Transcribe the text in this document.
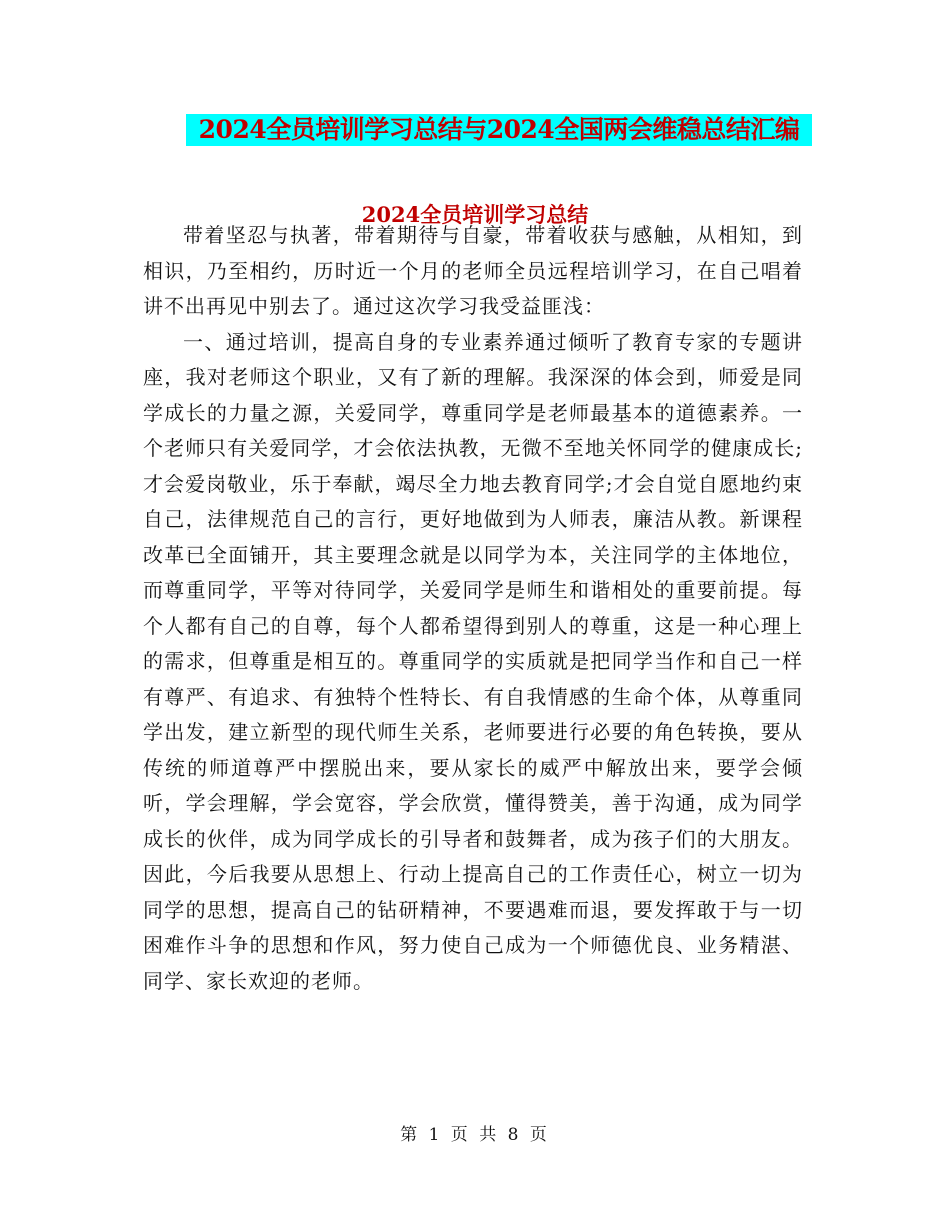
2024全员培训学习总结与2024全国两会维稳总结汇编
2024全员培训学习总结

带着坚忍与执著，带着期待与自豪，带着收获与感触，从相知，到相识，乃至相约，历时近一个月的老师全员远程培训学习，在自己唱着讲不出再见中别去了。通过这次学习我受益匪浅：

一、通过培训，提高自身的专业素养通过倾听了教育专家的专题讲座，我对老师这个职业，又有了新的理解。我深深的体会到，师爱是同学成长的力量之源，关爱同学，尊重同学是老师最基本的道德素养。一个老师只有关爱同学，才会依法执教，无微不至地关怀同学的健康成长;才会爱岗敬业，乐于奉献，竭尽全力地去教育同学;才会自觉自愿地约束自己，法律规范自己的言行，更好地做到为人师表，廉洁从教。新课程改革已全面铺开，其主要理念就是以同学为本，关注同学的主体地位，而尊重同学，平等对待同学，关爱同学是师生和谐相处的重要前提。每个人都有自己的自尊，每个人都希望得到别人的尊重，这是一种心理上的需求，但尊重是相互的。尊重同学的实质就是把同学当作和自己一样有尊严、有追求、有独特个性特长、有自我情感的生命个体，从尊重同学出发，建立新型的现代师生关系，老师要进行必要的角色转换，要从传统的师道尊严中摆脱出来，要从家长的威严中解放出来，要学会倾听，学会理解，学会宽容，学会欣赏，懂得赞美，善于沟通，成为同学成长的伙伴，成为同学成长的引导者和鼓舞者，成为孩子们的大朋友。因此，今后我要从思想上、行动上提高自己的工作责任心，树立一切为同学的思想，提高自己的钻研精神，不要遇难而退，要发挥敢于与一切困难作斗争的思想和作风，努力使自己成为一个师德优良、业务精湛、同学、家长欢迎的老师。

第 1 页 共 8 页
